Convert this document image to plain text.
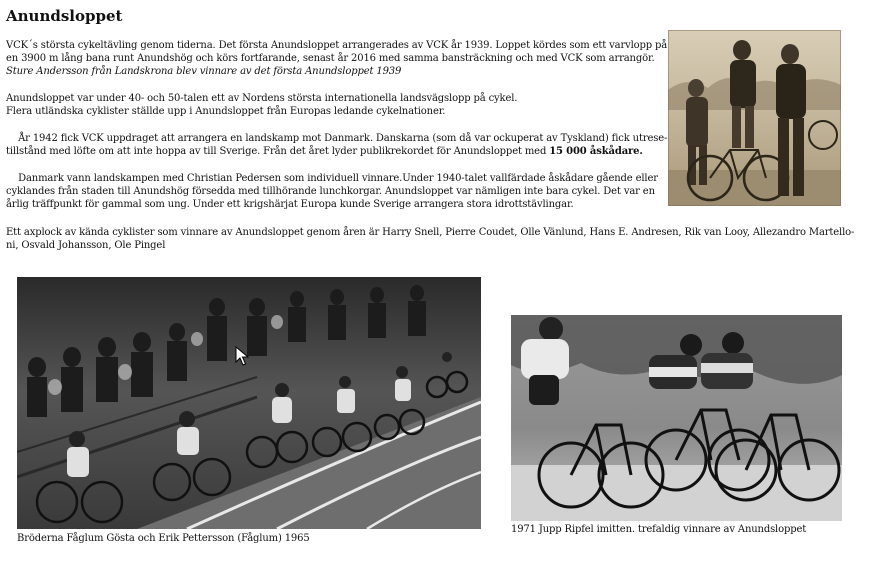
Anundsloppet
VCK´s största cykeltävling genom tiderna. Det första Anundsloppet arrangerades av VCK år 1939. Loppet kördes som ett varvlopp på
en 3900 m lång bana runt Anundshög och körs fortfarande, senast år 2016 med samma bansträckning och med VCK som arrangör.
Sture Andersson från Landskrona blev vinnare av det första Anundsloppet 1939
Anundsloppet var under 40- och 50-talen ett av Nordens största internationella landsvägslopp på cykel.
Flera utländska cyklister ställde upp i Anundsloppet från Europas ledande cykelnationer.
År 1942 fick VCK uppdraget att arrangera en landskamp mot Danmark. Danskarna (som då var ockuperat av Tyskland) fick utrese-
tillstånd med löfte om att inte hoppa av till Sverige. Från det året lyder publikrekordet för Anundsloppet med 15 000 åskådare.
Danmark vann landskampen med Christian Pedersen som individuell vinnare.Under 1940-talet vallfärdade åskådare gående eller
cyklandes från staden till Anundshög försedda med tillhörande lunchkorgar. Anundsloppet var nämligen inte bara cykel. Det var en
årlig träffpunkt för gammal som ung. Under ett krigshärjat Europa kunde Sverige arrangera stora idrottstävlingar.
Ett axplock av kända cyklister som vinnare av Anundsloppet genom åren är Harry Snell, Pierre Coudet, Olle Vänlund, Hans E. Andresen, Rik van Looy, Allezandro Martello-
ni, Osvald Johansson, Ole Pingel
Bröderna Fåglum Gösta och Erik Pettersson (Fåglum) 1965
1971 Jupp Ripfel imitten. trefaldig vinnare av Anundsloppet
